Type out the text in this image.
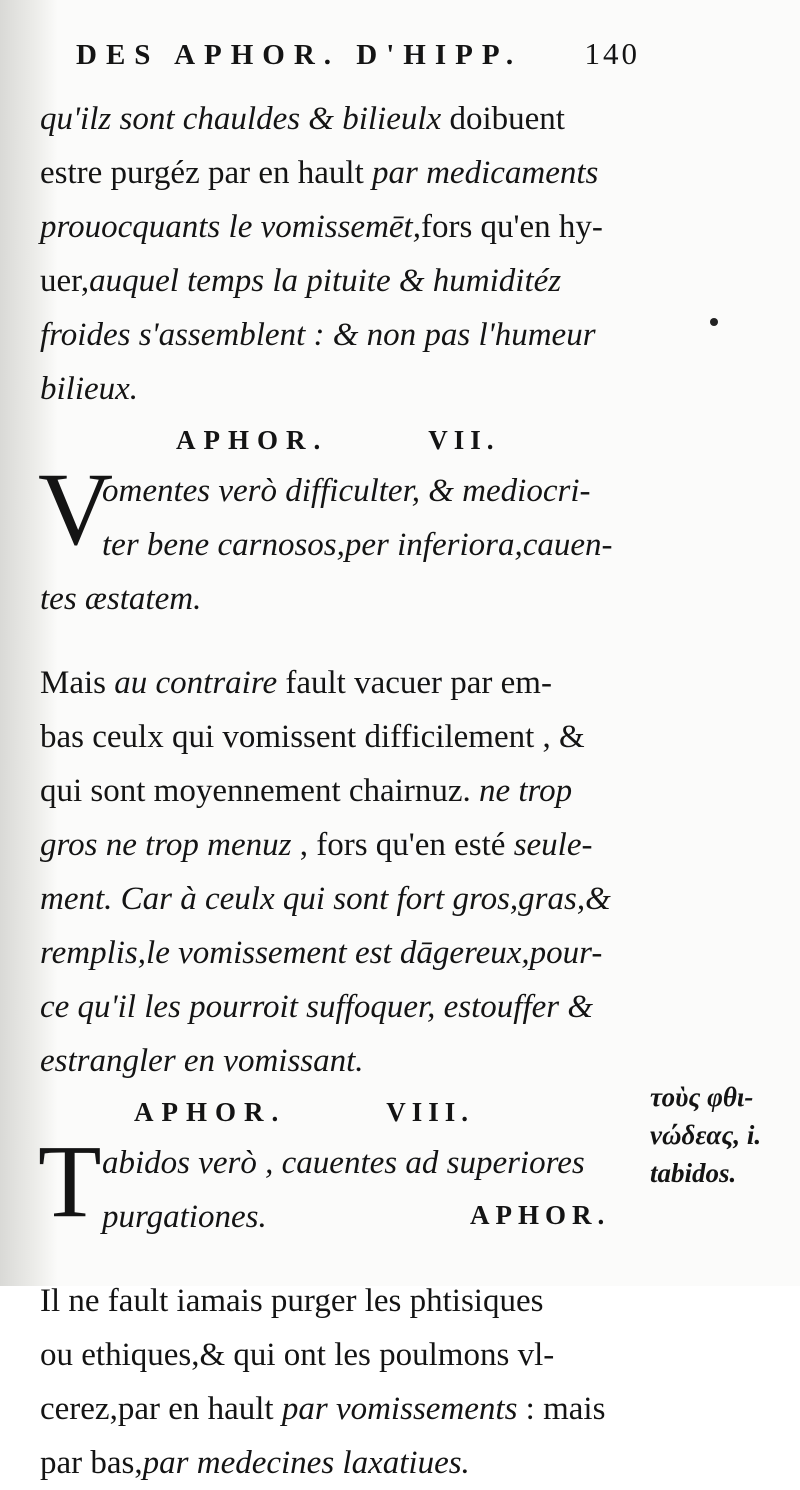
DES APHOR. D'HIPP. 140
qu'ilz sont chauldes & bilieulx doibuent
estre purgéz par en hault par medicaments
prouocquants le vomissemēt,fors qu'en hy-
uer,auquel temps la pituite & humiditéz
froides s'assemblent : & non pas l'humeur
bilieux.
APHOR.	VII.
V
omentes verò difficulter, & mediocri-
ter bene carnosos,per inferiora,cauen-
tes æstatem.
Mais au contraire fault vacuer par em-
bas ceulx qui vomissent difficilement , &
qui sont moyennement chairnuz. ne trop
gros ne trop menuz , fors qu'en esté seule-
ment. Car à ceulx qui sont fort gros,gras,&
remplis,le vomissement est dāgereux,pour-
ce qu'il les pourroit suffoquer, estouffer &
estrangler en vomissant.
APHOR.	VIII.
T abidos verò , cauentes ad superiores
purgationes.
Il ne fault iamais purger les phtisiques
ou ethiques,& qui ont les poulmons vl-
cerez,par en hault par vomissements : mais
par bas,par medecines laxatiues.
τοὺς φθι-
νώδεας, i.
tabidos.
APHOR.
